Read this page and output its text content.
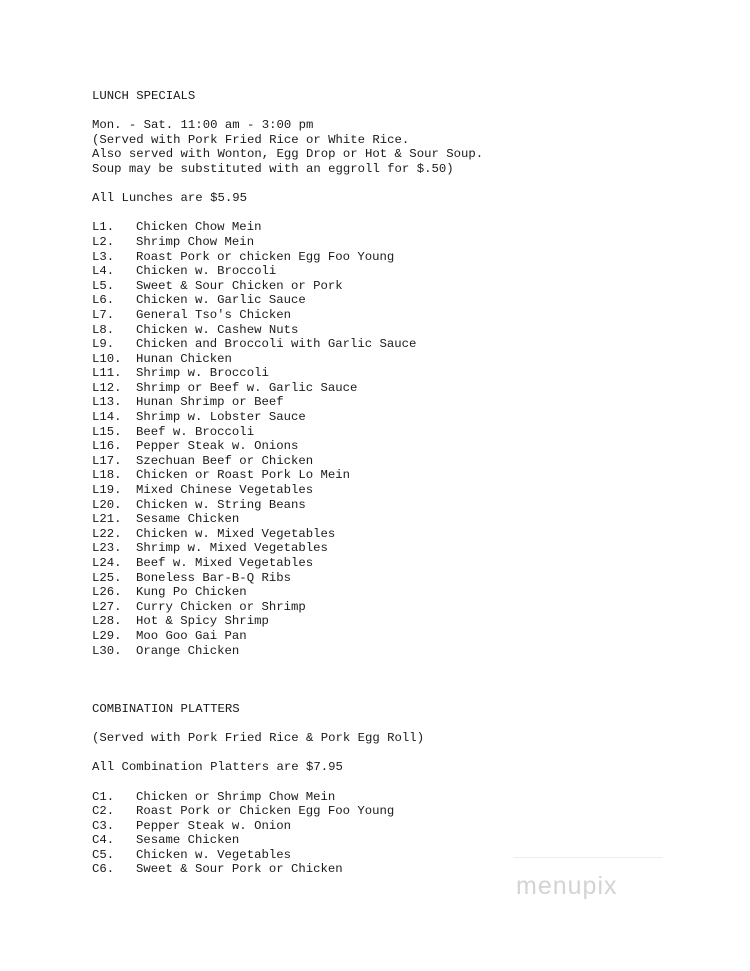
LUNCH SPECIALS
Mon. - Sat. 11:00 am - 3:00 pm
(Served with Pork Fried Rice or White Rice.
Also served with Wonton, Egg Drop or Hot & Sour Soup.
Soup may be substituted with an eggroll for $.50)
All Lunches are $5.95
L1.	Chicken Chow Mein
L2.	Shrimp Chow Mein
L3.	Roast Pork or chicken Egg Foo Young
L4.	Chicken w. Broccoli
L5.	Sweet & Sour Chicken or Pork
L6.	Chicken w. Garlic Sauce
L7.	General Tso's Chicken
L8.	Chicken w. Cashew Nuts
L9.	Chicken and Broccoli with Garlic Sauce
L10.	Hunan Chicken
L11.	Shrimp w. Broccoli
L12.	Shrimp or Beef w. Garlic Sauce
L13.	Hunan Shrimp or Beef
L14.	Shrimp w. Lobster Sauce
L15.	Beef w. Broccoli
L16.	Pepper Steak w. Onions
L17.	Szechuan Beef or Chicken
L18.	Chicken or Roast Pork Lo Mein
L19.	Mixed Chinese Vegetables
L20.	Chicken w. String Beans
L21.	Sesame Chicken
L22.	Chicken w. Mixed Vegetables
L23.	Shrimp w. Mixed Vegetables
L24.	Beef w. Mixed Vegetables
L25.	Boneless Bar-B-Q Ribs
L26.	Kung Po Chicken
L27.	Curry Chicken or Shrimp
L28.	Hot & Spicy Shrimp
L29.	Moo Goo Gai Pan
L30.	Orange Chicken
COMBINATION PLATTERS
(Served with Pork Fried Rice & Pork Egg Roll)
All Combination Platters are $7.95
C1.	Chicken or Shrimp Chow Mein
C2.	Roast Pork or Chicken Egg Foo Young
C3.	Pepper Steak w. Onion
C4.	Sesame Chicken
C5.	Chicken w. Vegetables
C6.	Sweet & Sour Pork or Chicken
menupix
